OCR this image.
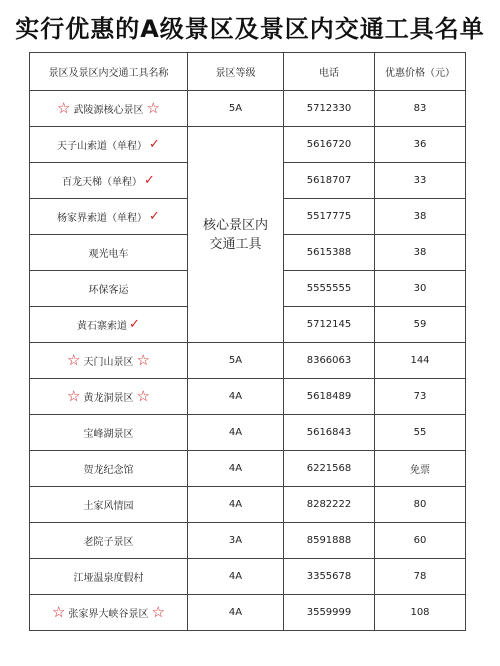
实行优惠的A级景区及景区内交通工具名单
景区及景区内交通工具名称	景区等级	电话	优惠价格（元）
☆ 武陵源核心景区 ☆	5A	5712330	83
天子山索道（单程） ✓	核心景区内交通工具	5616720	36
百龙天梯（单程） ✓		5618707	33
杨家界索道（单程） ✓		5517775	38
观光电车		5615388	38
环保客运		5555555	30
黄石寨索道 ✓		5712145	59
☆ 天门山景区 ☆	5A	8366063	144
☆ 黄龙洞景区 ☆	4A	5618489	73
宝峰湖景区	4A	5616843	55
贺龙纪念馆	4A	6221568	免票
土家风情园	4A	8282222	80
老院子景区	3A	8591888	60
江垭温泉度假村	4A	3355678	78
☆ 张家界大峡谷景区 ☆	4A	3559999	108
